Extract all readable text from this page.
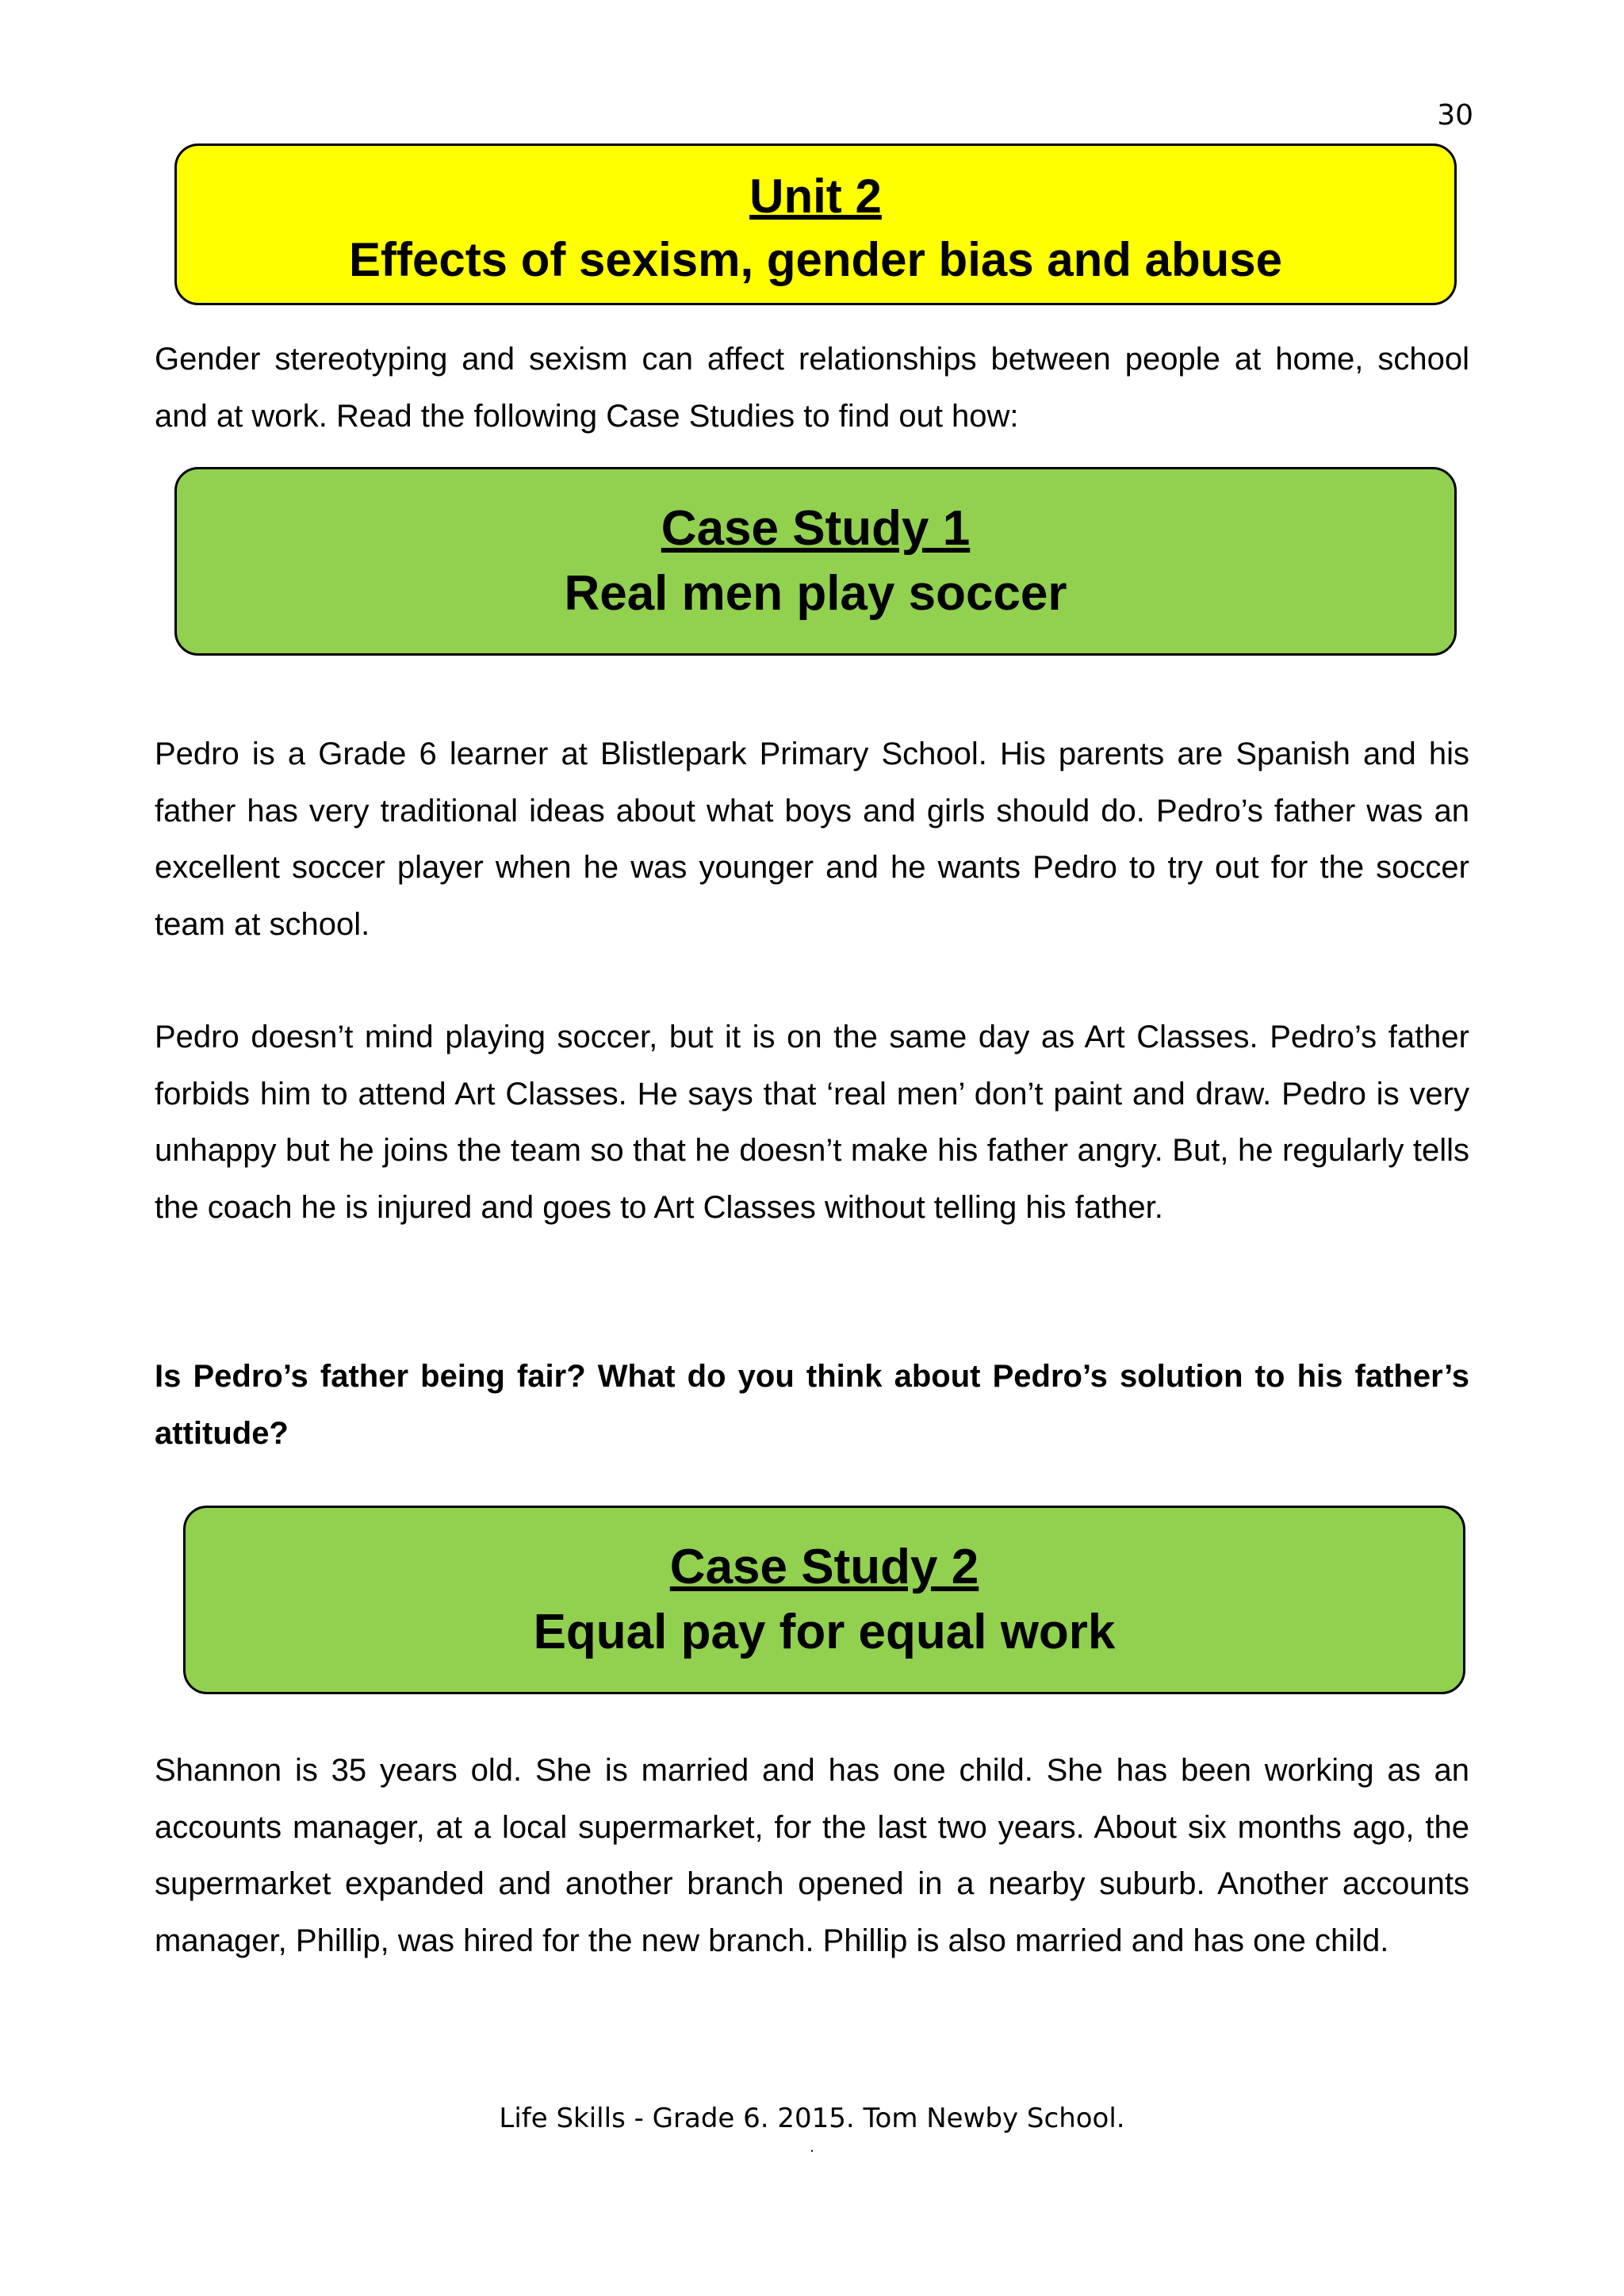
30
Unit 2
Effects of sexism, gender bias and abuse

Gender stereotyping and sexism can affect relationships between people at home, school and at work. Read the following Case Studies to find out how:

Case Study 1
Real men play soccer

Pedro is a Grade 6 learner at Blistlepark Primary School. His parents are Spanish and his father has very traditional ideas about what boys and girls should do. Pedro’s father was an excellent soccer player when he was younger and he wants Pedro to try out for the soccer team at school.

Pedro doesn’t mind playing soccer, but it is on the same day as Art Classes. Pedro’s father forbids him to attend Art Classes. He says that ‘real men’ don’t paint and draw. Pedro is very unhappy but he joins the team so that he doesn’t make his father angry. But, he regularly tells the coach he is injured and goes to Art Classes without telling his father.

Is Pedro’s father being fair? What do you think about Pedro’s solution to his father’s attitude?

Case Study 2
Equal pay for equal work

Shannon is 35 years old. She is married and has one child. She has been working as an accounts manager, at a local supermarket, for the last two years. About six months ago, the supermarket expanded and another branch opened in a nearby suburb. Another accounts manager, Phillip, was hired for the new branch. Phillip is also married and has one child.

Life Skills - Grade 6. 2015. Tom Newby School.
.
